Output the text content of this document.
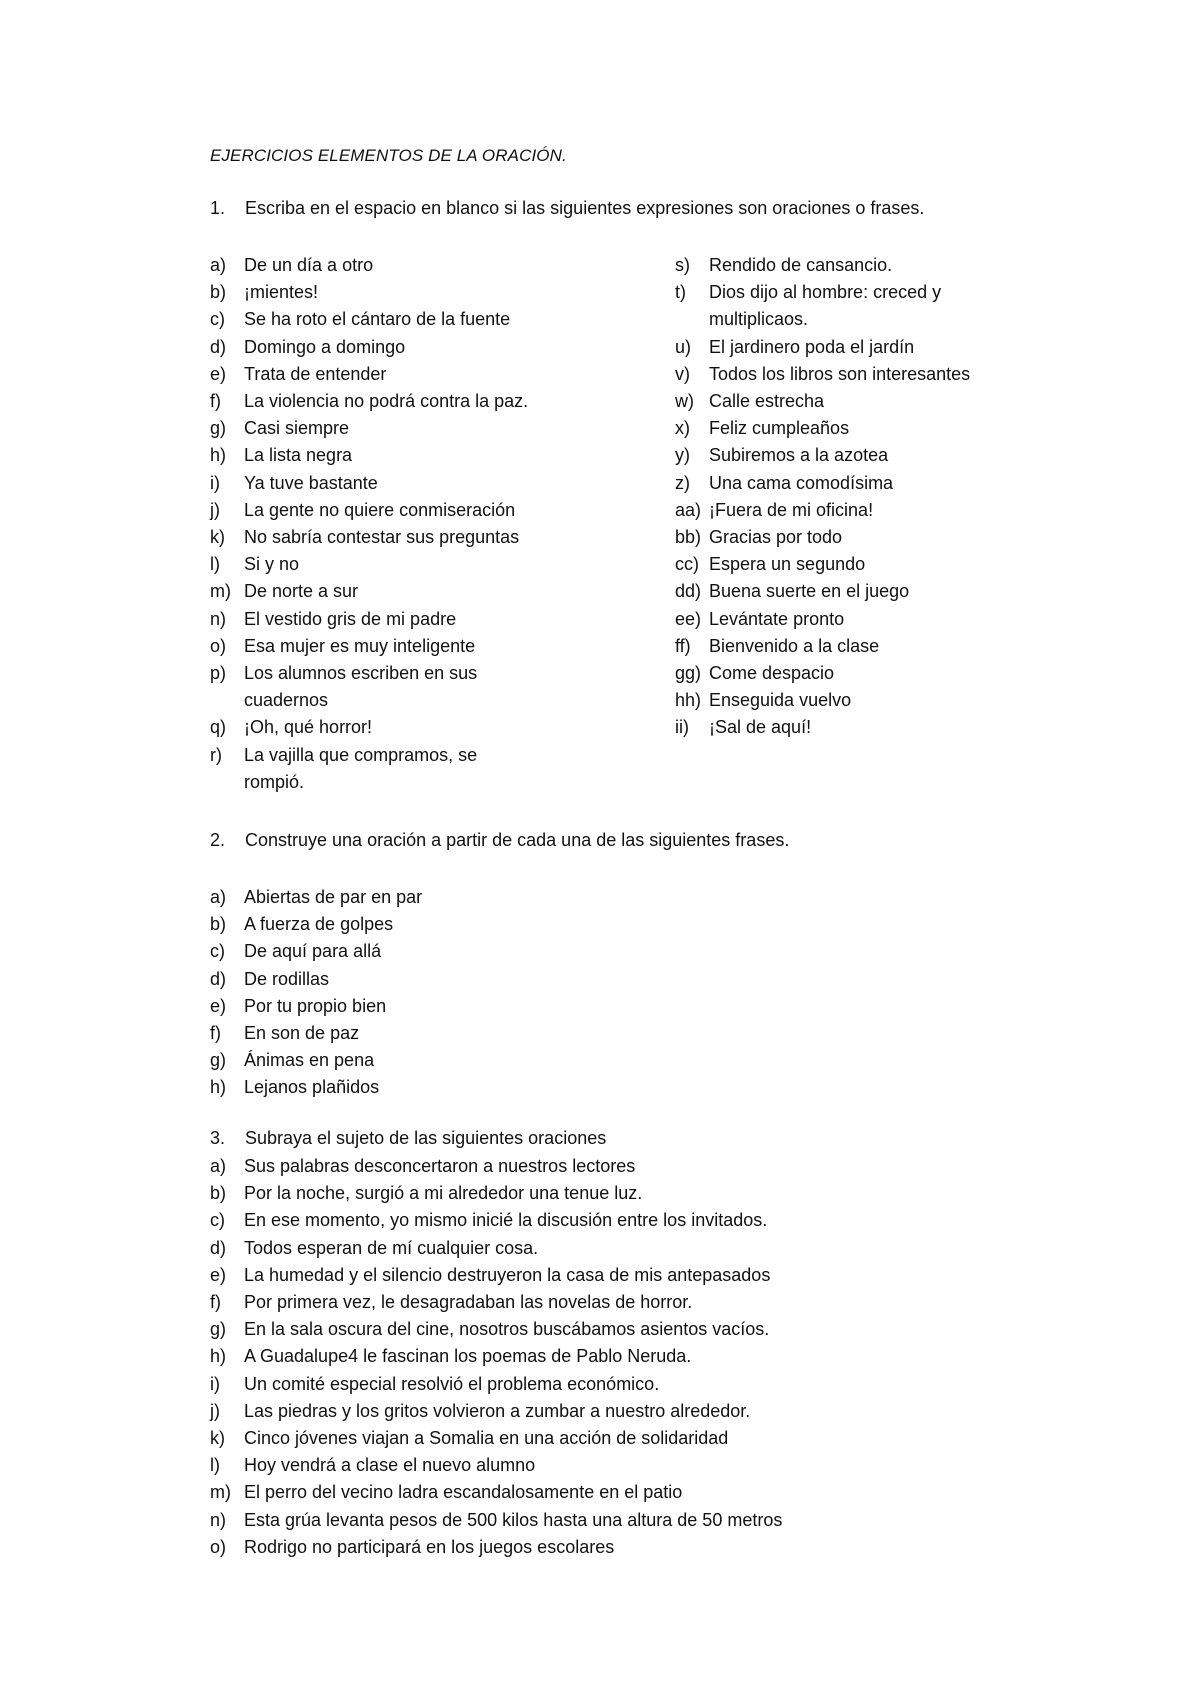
EJERCICIOS ELEMENTOS DE LA ORACIÓN.
1. Escriba en el espacio en blanco si las siguientes expresiones son oraciones o frases.
a) De un día a otro
b) ¡mientes!
c)	Se ha roto el cántaro de la fuente
d) Domingo a domingo
e) Trata de entender
f)	La violencia no podrá contra la paz.
g) Casi siempre
h) La lista negra
i)	Ya tuve bastante
j)	La gente no quiere conmiseración
k)	No sabría contestar sus preguntas
l)	Si y no
m) De norte a sur
n) El vestido gris de mi padre
o) Esa mujer es muy inteligente
p) Los alumnos escriben en sus cuadernos
q) ¡Oh, qué horror!
r)	La vajilla que compramos, se rompió.
s)	Rendido de cansancio.
t)	Dios dijo al hombre: creced y multiplicaos.
u) El jardinero poda el jardín
v)	Todos los libros son interesantes
w) Calle estrecha
x)	Feliz cumpleaños
y)	Subiremos a la azotea
z)	Una cama comodísima
aa) ¡Fuera de mi oficina!
bb) Gracias por todo
cc) Espera un segundo
dd) Buena suerte en el juego
ee) Levántate pronto
ff)	Bienvenido a la clase
gg) Come despacio
hh) Enseguida vuelvo
ii)	¡Sal de aquí!
2. Construye una oración a partir de cada una de las siguientes frases.
a) Abiertas de par en par
b) A fuerza de golpes
c)	De aquí para allá
d) De rodillas
e) Por tu propio bien
f)	En son de paz
g) Ánimas en pena
h) Lejanos plañidos
3. Subraya el sujeto de las siguientes oraciones
a) Sus palabras desconcertaron a nuestros lectores
b) Por la noche, surgió a mi alrededor una tenue luz.
c)	En ese momento, yo mismo inicié la discusión entre los invitados.
d) Todos esperan de mí cualquier cosa.
e) La humedad y el silencio destruyeron la casa de mis antepasados
f)	Por primera vez, le desagradaban las novelas de horror.
g) En la sala oscura del cine, nosotros buscábamos asientos vacíos.
h) A Guadalupe4 le fascinan los poemas de Pablo Neruda.
i)	Un comité especial resolvió el problema económico.
j)	Las piedras y los gritos volvieron a zumbar a nuestro alrededor.
k)	Cinco jóvenes viajan a Somalia en una acción de solidaridad
l)	Hoy vendrá a clase el nuevo alumno
m) El perro del vecino ladra escandalosamente en el patio
n) Esta grúa levanta pesos de 500 kilos hasta una altura de 50 metros
o) Rodrigo no participará en los juegos escolares
